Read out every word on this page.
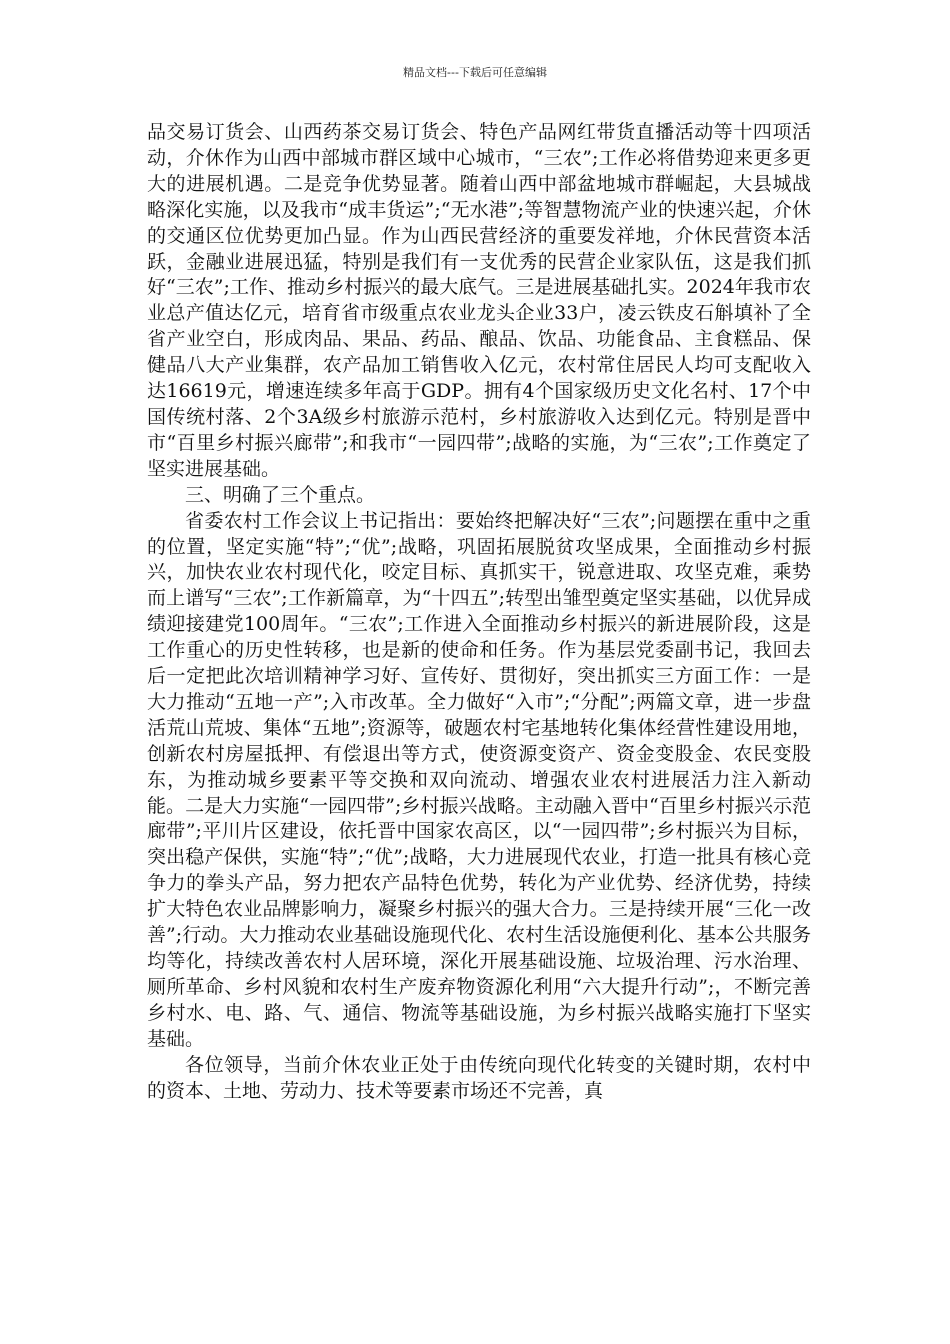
精品文档---下载后可任意编辑

品交易订货会、山西药茶交易订货会、特色产品网红带货直播活动等十四项活动，介休作为山西中部城市群区域中心城市，“三农”;工作必将借势迎来更多更大的进展机遇。二是竞争优势显著。随着山西中部盆地城市群崛起，大县城战略深化实施，以及我市“成丰货运”;“无水港”;等智慧物流产业的快速兴起，介休的交通区位优势更加凸显。作为山西民营经济的重要发祥地，介休民营资本活跃，金融业进展迅猛，特别是我们有一支优秀的民营企业家队伍，这是我们抓好“三农”;工作、推动乡村振兴的最大底气。三是进展基础扎实。2024年我市农业总产值达亿元，培育省市级重点农业龙头企业33户，凌云铁皮石斛填补了全省产业空白，形成肉品、果品、药品、酿品、饮品、功能食品、主食糕品、保健品八大产业集群，农产品加工销售收入亿元，农村常住居民人均可支配收入达16619元，增速连续多年高于GDP。拥有4个国家级历史文化名村、17个中国传统村落、2个3A级乡村旅游示范村，乡村旅游收入达到亿元。特别是晋中市“百里乡村振兴廊带”;和我市“一园四带”;战略的实施，为“三农”;工作奠定了坚实进展基础。

三、明确了三个重点。

省委农村工作会议上书记指出：要始终把解决好“三农”;问题摆在重中之重的位置，坚定实施“特”;“优”;战略，巩固拓展脱贫攻坚成果，全面推动乡村振兴，加快农业农村现代化，咬定目标、真抓实干，锐意进取、攻坚克难，乘势而上谱写“三农”;工作新篇章，为“十四五”;转型出雏型奠定坚实基础，以优异成绩迎接建党100周年。“三农”;工作进入全面推动乡村振兴的新进展阶段，这是工作重心的历史性转移，也是新的使命和任务。作为基层党委副书记，我回去后一定把此次培训精神学习好、宣传好、贯彻好，突出抓实三方面工作：一是大力推动“五地一产”;入市改革。全力做好“入市”;“分配”;两篇文章，进一步盘活荒山荒坡、集体“五地”;资源等，破题农村宅基地转化集体经营性建设用地，创新农村房屋抵押、有偿退出等方式，使资源变资产、资金变股金、农民变股东，为推动城乡要素平等交换和双向流动、增强农业农村进展活力注入新动能。二是大力实施“一园四带”;乡村振兴战略。主动融入晋中“百里乡村振兴示范廊带”;平川片区建设，依托晋中国家农高区，以“一园四带”;乡村振兴为目标，突出稳产保供，实施“特”;“优”;战略，大力进展现代农业，打造一批具有核心竞争力的拳头产品，努力把农产品特色优势，转化为产业优势、经济优势，持续扩大特色农业品牌影响力，凝聚乡村振兴的强大合力。三是持续开展“三化一改善”;行动。大力推动农业基础设施现代化、农村生活设施便利化、基本公共服务均等化，持续改善农村人居环境，深化开展基础设施、垃圾治理、污水治理、厕所革命、乡村风貌和农村生产废弃物资源化利用“六大提升行动”;，不断完善乡村水、电、路、气、通信、物流等基础设施，为乡村振兴战略实施打下坚实基础。

各位领导，当前介休农业正处于由传统向现代化转变的关键时期，农村中的资本、土地、劳动力、技术等要素市场还不完善，真
